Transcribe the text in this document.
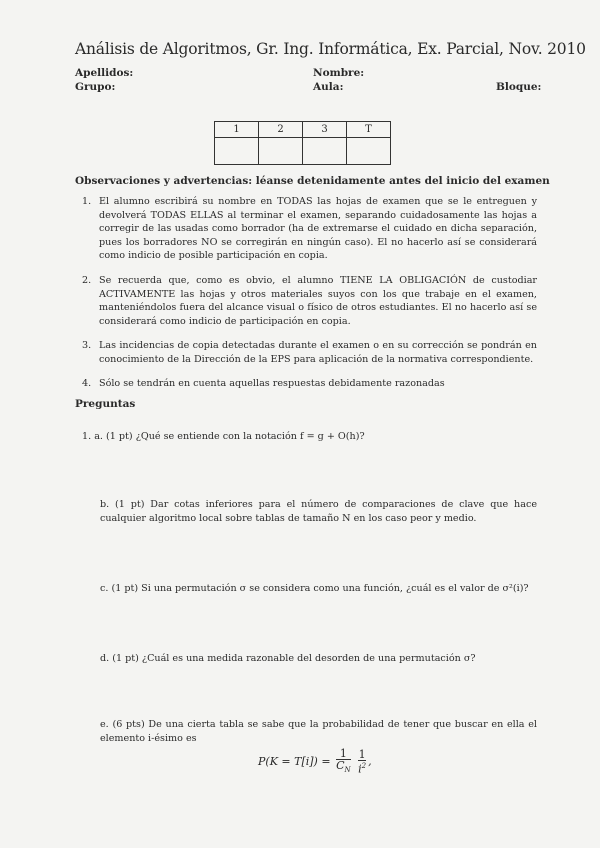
Análisis de Algoritmos, Gr. Ing. Informática, Ex. Parcial, Nov. 2010
Apellidos:	Nombre:
Grupo:	Aula:	Bloque:
1	2	3	T

Observaciones y advertencias: léanse detenidamente antes del inicio del examen
1. El alumno escribirá su nombre en TODAS las hojas de examen que se le entreguen y devolverá TODAS ELLAS al terminar el examen, separando cuidadosamente las hojas a corregir de las usadas como borrador (ha de extremarse el cuidado en dicha separación, pues los borradores NO se corregirán en ningún caso). El no hacerlo así se considerará como indicio de posible participación en copia.
2. Se recuerda que, como es obvio, el alumno TIENE LA OBLIGACIÓN de custodiar ACTIVAMENTE las hojas y otros materiales suyos con los que trabaje en el examen, manteniéndolos fuera del alcance visual o físico de otros estudiantes. El no hacerlo así se considerará como indicio de participación en copia.
3. Las incidencias de copia detectadas durante el examen o en su corrección se pondrán en conocimiento de la Dirección de la EPS para aplicación de la normativa correspondiente.
4. Sólo se tendrán en cuenta aquellas respuestas debidamente razonadas
Preguntas
1. a. (1 pt) ¿Qué se entiende con la notación f = g + O(h)?
b. (1 pt) Dar cotas inferiores para el número de comparaciones de clave que hace cualquier algoritmo local sobre tablas de tamaño N en los caso peor y medio.
c. (1 pt) Si una permutación σ se considera como una función, ¿cuál es el valor de σ²(i)?
d. (1 pt) ¿Cuál es una medida razonable del desorden de una permutación σ?
e. (6 pts) De una cierta tabla se sabe que la probabilidad de tener que buscar en ella el elemento i-ésimo es
$P(K = T[i]) = \frac{1}{C_N}$
$\frac{1}{i^2}$ ,
